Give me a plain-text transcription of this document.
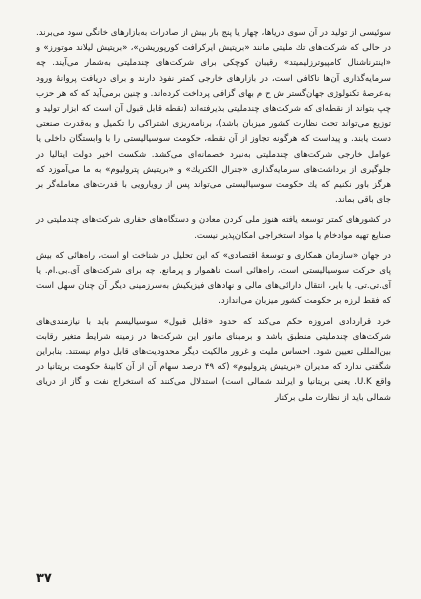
سوئیسی از تولید در آن سوی دریاها، چهار یا پنج بار بیش از صادرات به‌بازارهای خانگی سود می‌برند. در حالی که شرکت‌های تك ملیتی مانند «بریتیش ایرکرافت کورپوریشن»، «بریتیش لیلاند موتورز» و «اینترناشنال کامپیوترزلیمیتد» رقیبان کوچکی برای شرکت‌های چندملیتی به‌شمار می‌آیند. چه سرمایه‌گذاری آن‌ها ناکافی است، در بازارهای خارجی کمتر نفوذ دارند و برای دریافت پروانهٔ ورود به‌عرصهٔ تکنولوژی جهان‌گستر ش ح م بهای گزافی پرداخت کرده‌اند. و چنین برمی‌آید که که هر حزب چپ بتواند از نقطه‌ای که شرکت‌های چندملیتی بذیرفته‌اند (نقطه قابل قبول آن است که ابزار تولید و توزیع می‌تواند تحت نظارت کشور میزبان باشد)، برنامه‌ریزی اشتراکی را تکمیل و به‌قدرت صنعتی دست یابند. و پیداست که هرگونه تجاوز از آن نقطه، حکومت سوسیالیستی را با وابستگان داخلی یا عوامل خارجی شرکت‌های چندملیتی به‌نبرد خصمانه‌ای می‌کشد. شکست اخیر دولت ایتالیا در جلوگیری از برداشت‌های سرمایه‌گذاری «جنرال الکتریك» و «بریتیش پترولیوم» به ما می‌آموزد که هرگز باور نکنیم که یك حکومت سوسیالیستی می‌تواند پس از رویارویی با قدرت‌های معامله‌گر بر جای باقی بماند.

در کشورهای کمتر توسعه یافته هنوز ملی کردن معادن و دستگاه‌های حفاری شرکت‌های چندملیتی در صنایع تهیه موادخام یا مواد استخراجی امکان‌پذیر نیست.

در جهان «سازمان همکاری و توسعهٔ اقتصادی» که این تحلیل در شناخت او است، راه‌هائی که بیش پای حرکت سوسیالیستی است، راه‌هائی است ناهموار و پرمانع. چه برای شرکت‌های آی.بی.ام. یا آی.تی.تی. یا بایر، انتقال دارائی‌های مالی و نهادهای فیزیکیش به‌سرزمینی دیگر آن چنان سهل است که فقط لرزه بر حکومت کشور میزبان می‌اندازد.

خرد قراردادی امروزه حکم می‌کند که حدود «قابل قبول» سوسیالیسم باید با نیازمندی‌های شرکت‌های چندملیتی منطبق باشد و برمبنای مانور این شرکت‌ها در زمینه شرایط متغیر رقابت بین‌المللی تعیین شود. احساس ملیت و غرور مالکیت دیگر محدودیت‌های قابل دوام نیستند. بنابراین شگفتی ندارد که مدیران «بریتیش پترولیوم» (که ۴۹ درصد سهام آن از آن کابینهٔ حکومت بریتانیا در واقع U.K. یعنی بریتانیا و ایرلند شمالی است) استدلال می‌کنند که استخراج نفت و گاز از دریای شمالی باید از نظارت ملی برکنار

۳۷
